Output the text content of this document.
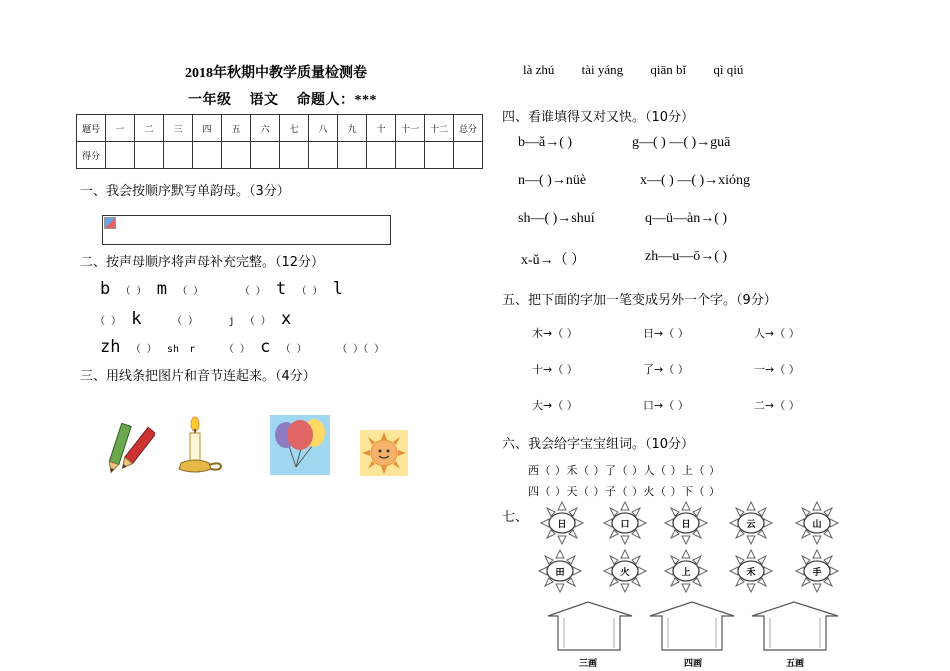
2018年秋期中教学质量检测卷
一年级 语文 命题人：***
题号	一	二	三	四	五	六	七	八	九	十	十一	十二	总分
得分													
一、我会按顺序默写单韵母。（3分）
二、按声母顺序将声母补充完整。（12分）
b （ ） m （ ）	（ ） t （ ） l
（ ） k	（ ）	j （ ） x
zh （ ） sh r	（ ） c （ ）	（ ）（ ）
三、用线条把图片和音节连起来。（4分）
là zhú tài yáng qiān bǐ qì qiú
四、看谁填得又对又快。（10分）
b—ǎ→( )	g—( ) —( )→guā
n—( )→nüè	x—( ) —( )→xióng
sh—( )→shuí	q—ü—àn→( )
x-ǔ→（ ）	zh—u—ō→( )
五、把下面的字加一笔变成另外一个字。（9分）
木→（ ）	日→（ ）	人→（ ）
十→（ ）	了→（ ）	一→（ ）
大→（ ）	口→（ ）	二→（ ）
六、我会给字宝宝组词。（10分）
西（ ）禾（ ）了（ ）人（ ）上（ ）
四（ ）天（ ）子（ ）火（ ）下（ ）
七、	日	口	日	云	山
田	火	上	禾	手
三画	四画	五画
